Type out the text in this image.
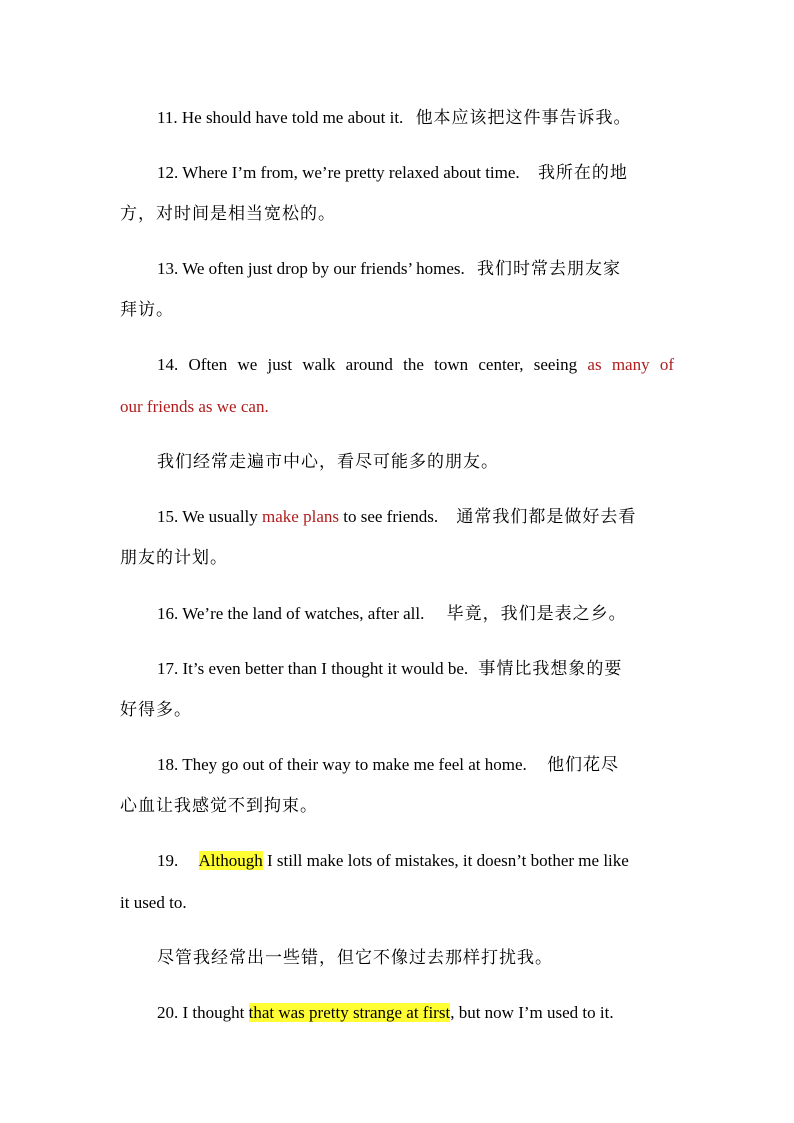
11. He should have told me about it. 他本应该把这件事告诉我。
12. Where I’m from, we’re pretty relaxed about time. 我所在的地
方，对时间是相当宽松的。
13. We often just drop by our friends’ homes. 我们时常去朋友家
拜访。
14. Often we just walk around the town center, seeing as many of
our friends as we can.
我们经常走遍市中心，看尽可能多的朋友。
15. We usually make plans to see friends. 通常我们都是做好去看
朋友的计划。
16. We’re the land of watches, after all. 毕竟，我们是表之乡。
17. It’s even better than I thought it would be. 事情比我想象的要
好得多。
18. They go out of their way to make me feel at home. 他们花尽
心血让我感觉不到拘束。
19. Although I still make lots of mistakes, it doesn’t bother me like
it used to.
尽管我经常出一些错，但它不像过去那样打扰我。
20. I thought that was pretty strange at first, but now I’m used to it.
